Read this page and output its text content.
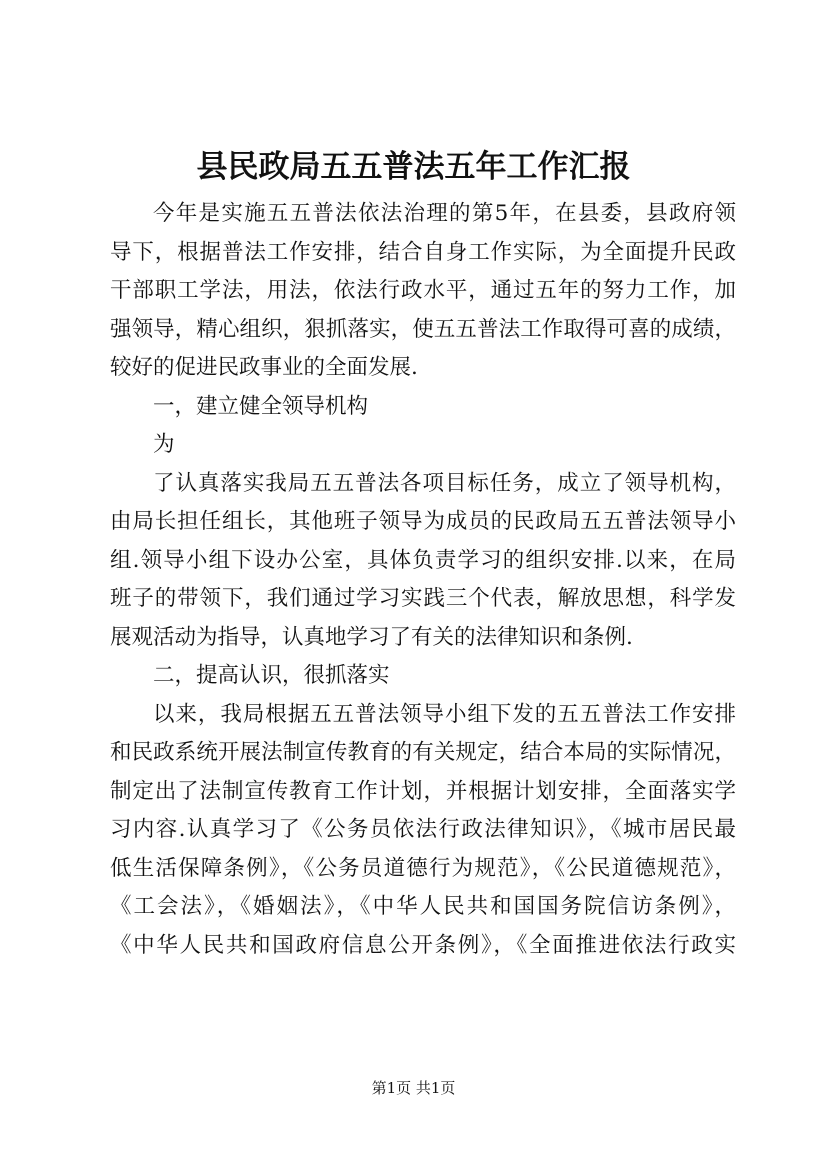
县民政局五五普法五年工作汇报
今年是实施五五普法依法治理的第5年，在县委，县政府领
导下，根据普法工作安排，结合自身工作实际，为全面提升民政
干部职工学法，用法，依法行政水平，通过五年的努力工作，加
强领导，精心组织，狠抓落实，使五五普法工作取得可喜的成绩，
较好的促进民政事业的全面发展.
一，建立健全领导机构
为
了认真落实我局五五普法各项目标任务，成立了领导机构，
由局长担任组长，其他班子领导为成员的民政局五五普法领导小
组.领导小组下设办公室，具体负责学习的组织安排.以来，在局
班子的带领下，我们通过学习实践三个代表，解放思想，科学发
展观活动为指导，认真地学习了有关的法律知识和条例.
二，提高认识，很抓落实
以来，我局根据五五普法领导小组下发的五五普法工作安排
和民政系统开展法制宣传教育的有关规定，结合本局的实际情况，
制定出了法制宣传教育工作计划，并根据计划安排，全面落实学
习内容.认真学习了《公务员依法行政法律知识》，《城市居民最
低生活保障条例》，《公务员道德行为规范》，《公民道德规范》，
《工会法》，《婚姻法》，《中华人民共和国国务院信访条例》，
《中华人民共和国政府信息公开条例》，《全面推进依法行政实
第1页 共1页
